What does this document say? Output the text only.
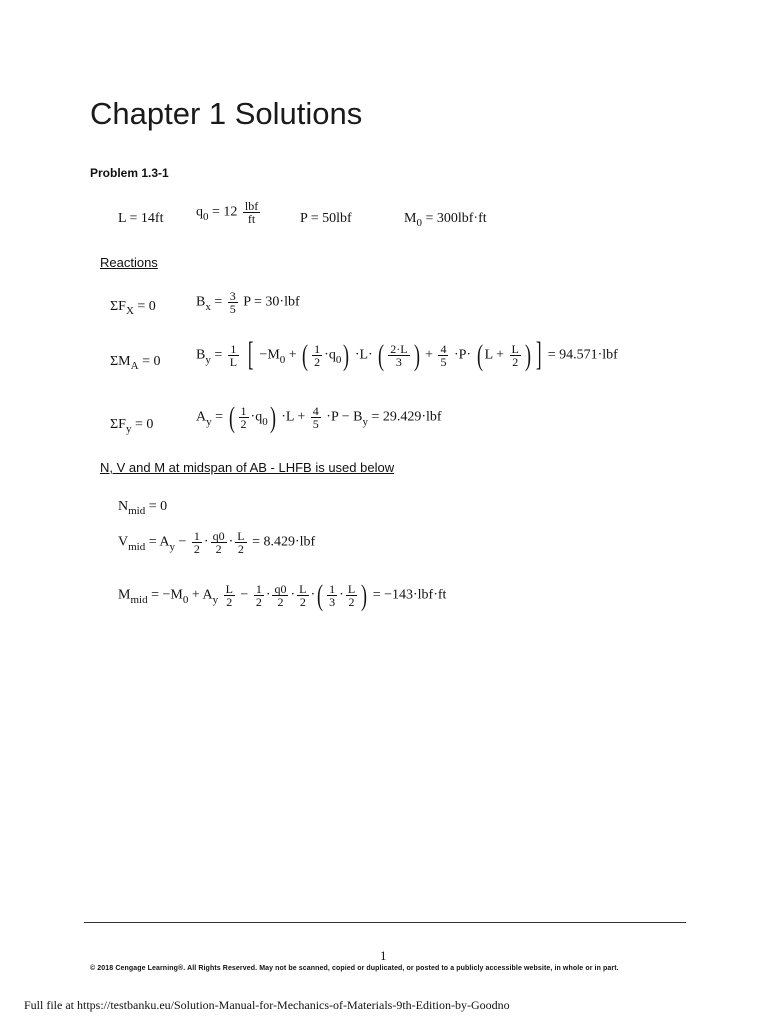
Chapter 1 Solutions
Problem 1.3-1
L = 14ft $q_0 = 12 \frac{\text{lbf}}{ft}$	P = 50lbf	$M_0 = 300lbf\cdot ft$
Reactions
$\Sigma F_X = 0$	$B_x = \frac{3}{5}$ P = 30·lbf
$\Sigma M_A = 0$	$B_y = \frac{1}{L}$ [ $-M_0$ + ( $\frac{1}{2} \cdot q_0) \cdot L\cdot$ ( $\frac{2\cdot L}{3}$ ) + $\frac{4}{5} \cdot P\cdot$ ( $L + \frac{L}{2}$ ) ] = 94.571·lbf
$\Sigma F_y = 0$	$A_y$ = ( $\frac{1}{2} \cdot q_0) \cdot L + \frac{4}{5} \cdot P - B_y = 29.429\cdot lbf$
N, V and M at midspan of AB - LHFB is used below
$N_{mid} = 0$
$V_{mid} = A_y - \frac{1}{2} \cdot \frac{q0}{2} \cdot \frac{L}{2} = 8.429\cdot lbf$
$M_{mid} = -M_0 + A_y \frac{L}{2} - \frac{1}{2} \cdot \frac{q0}{2} \cdot \frac{L}{2}$ ·( $\frac{1}{3} \cdot \frac{L}{2}$ ) = −143·lbf·ft
1
© 2018 Cengage Learning®. All Rights Reserved. May not be scanned, copied or duplicated, or posted to a publicly accessible website, in whole or in part.
Full file at https://testbanku.eu/Solution-Manual-for-Mechanics-of-Materials-9th-Edition-by-Goodno
